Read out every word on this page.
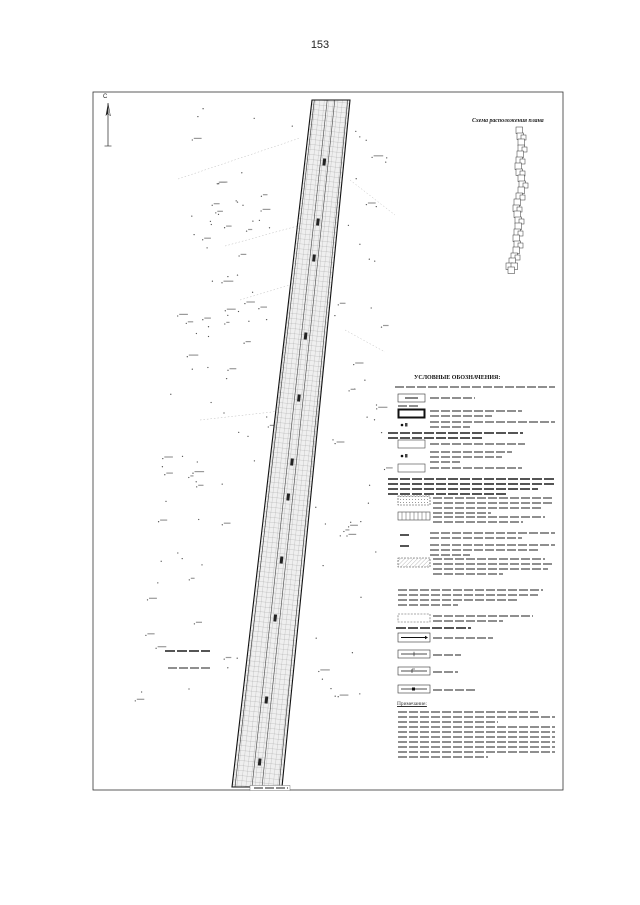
153
С
Схема расположения плана
УСЛОВНЫЕ ОБОЗНАЧЕНИЯ:
Примечание:
